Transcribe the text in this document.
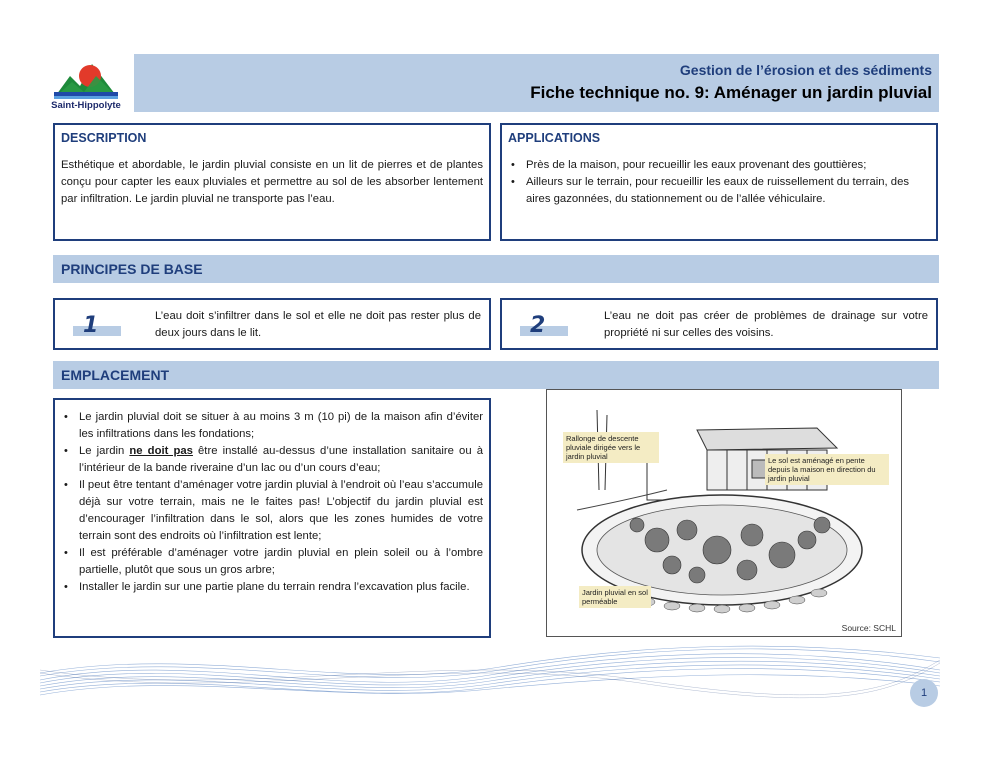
Saint-Hippolyte
Gestion de l’érosion et des sédiments
Fiche technique no. 9: Aménager un jardin pluvial
DESCRIPTION
Esthétique et abordable, le jardin pluvial consiste en un lit de pierres et de plantes conçu pour capter les eaux pluviales et permettre au sol de les absorber lentement par infiltration. Le jardin pluvial ne transporte pas l’eau.
APPLICATIONS
• Près de la maison, pour recueillir les eaux provenant des gouttières;
• Ailleurs sur le terrain, pour recueillir les eaux de ruissellement du terrain, des aires gazonnées, du stationnement ou de l’allée véhiculaire.
PRINCIPES DE BASE
1	L’eau doit s’infiltrer dans le sol et elle ne doit pas rester plus de deux jours dans le lit.	2	L’eau ne doit pas créer de problèmes de drainage sur votre propriété ni sur celles des voisins.
EMPLACEMENT
• Le jardin pluvial doit se situer à au moins 3 m (10 pi) de la maison afin d’éviter les infiltrations dans les fondations;
• Le jardin ne doit pas être installé au-dessus d’une installation sanitaire ou à l’intérieur de la bande riveraine d’un lac ou d’un cours d’eau;
• Il peut être tentant d’aménager votre jardin pluvial à l’endroit où l’eau s’accumule déjà sur votre terrain, mais ne le faites pas! L’objectif du jardin pluvial est d’encourager l’infiltration dans le sol, alors que les zones humides de votre terrain sont des endroits où l’infiltration est lente;
• Il est préférable d’aménager votre jardin pluvial en plein soleil ou à l’ombre partielle, plutôt que sous un gros arbre;
• Installer le jardin sur une partie plane du terrain rendra l’excavation plus facile.
Rallonge de descente pluviale dirigée vers le jardin pluvial	Le sol est aménagé en pente depuis la maison en direction du jardin pluvial
Jardin pluvial en sol perméable
Source: SCHL
1
